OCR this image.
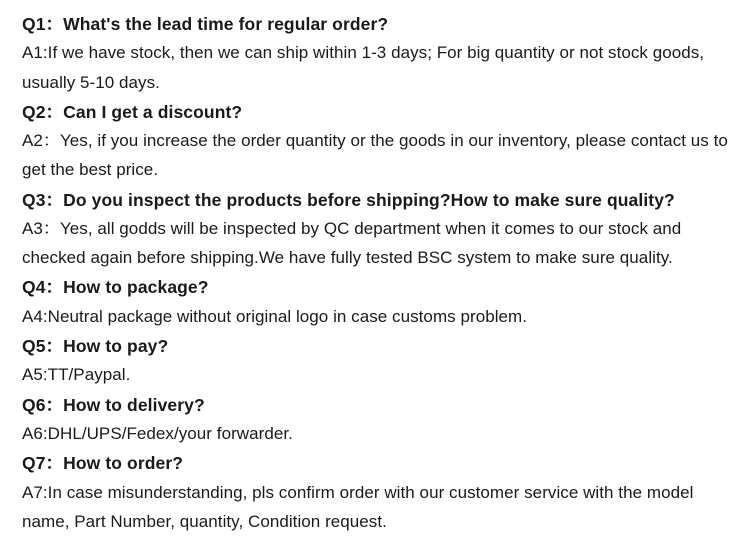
Q1：What's the lead time for regular order?
A1:If we have stock, then we can ship within 1-3 days; For big quantity or not stock goods, usually 5-10 days.
Q2：Can I get a discount?
A2：Yes, if you increase the order quantity or the goods in our inventory, please contact us to get the best price.
Q3：Do you inspect the products before shipping?How to make sure quality?
A3：Yes, all godds will be inspected by QC department when it comes to our stock and checked again before shipping.We have fully tested BSC system to make sure quality.
Q4：How to package?
A4:Neutral package without original logo in case customs problem.
Q5：How to pay?
A5:TT/Paypal.
Q6：How to delivery?
A6:DHL/UPS/Fedex/your forwarder.
Q7：How to order?
A7:In case misunderstanding, pls confirm order with our customer service with the model name, Part Number, quantity, Condition request.
